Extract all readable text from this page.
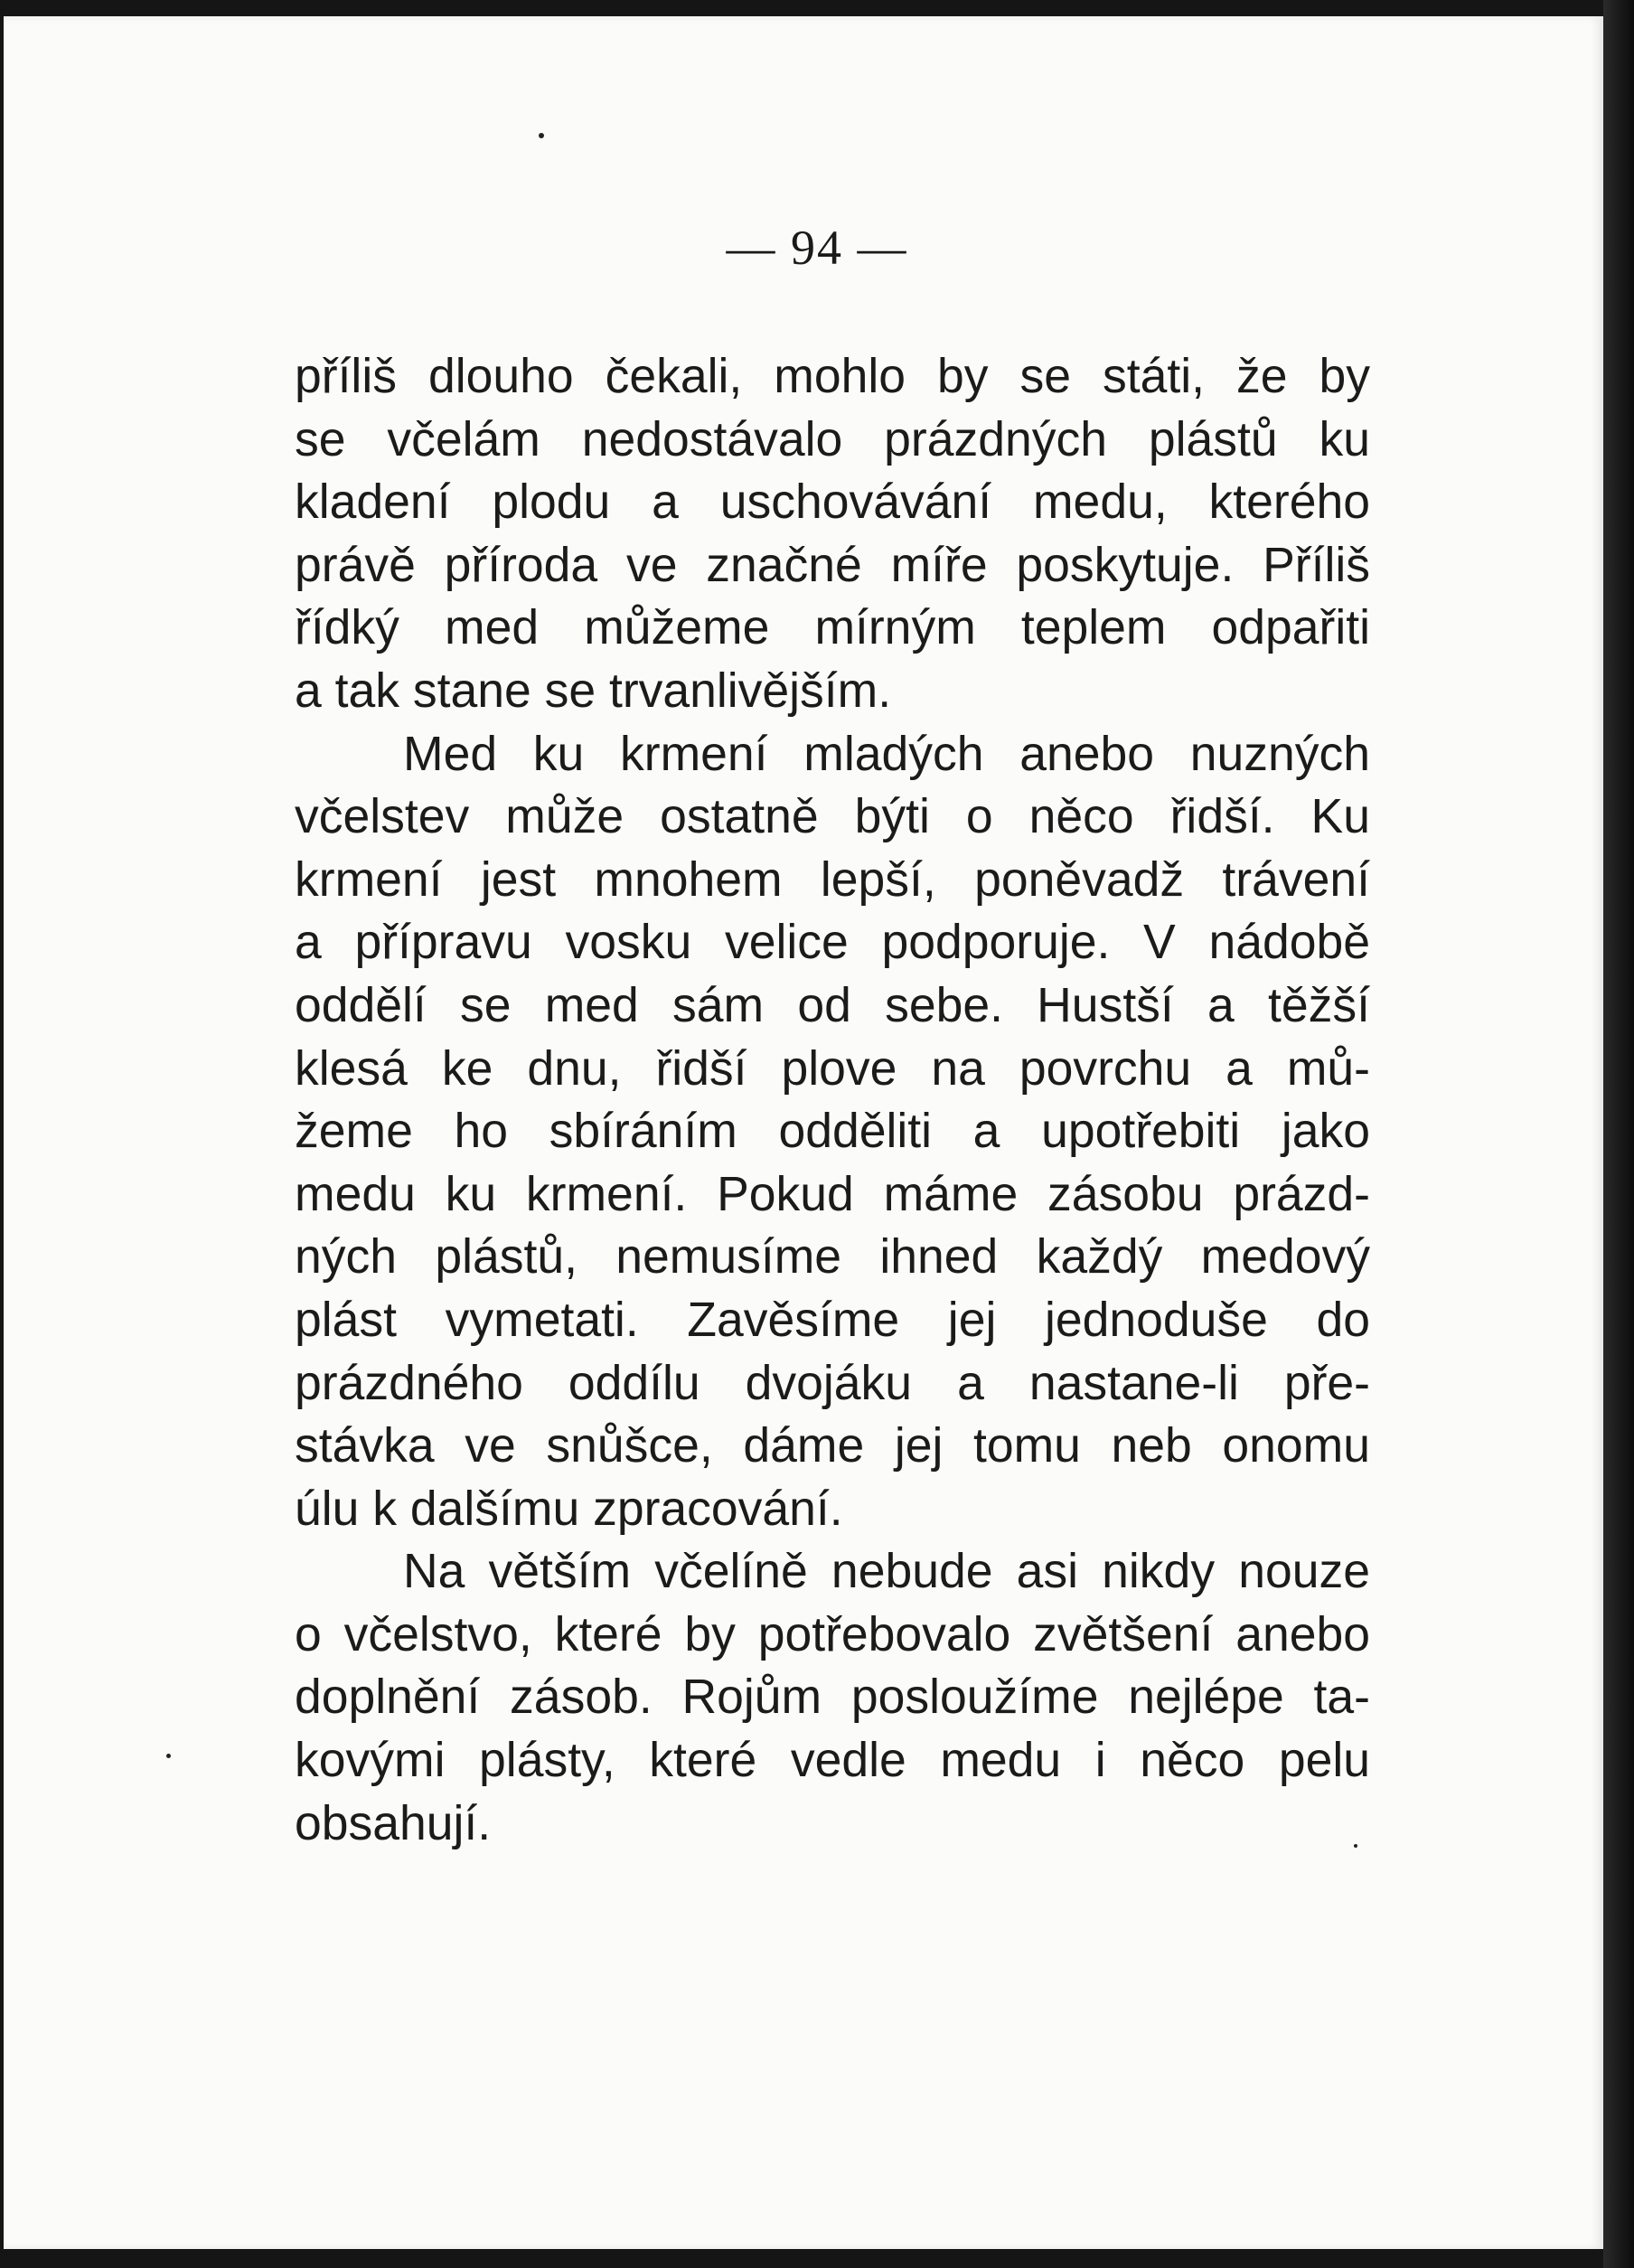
— 94 —
příliš dlouho čekali, mohlo by se státi, že by
se včelám nedostávalo prázdných plástů ku
kladení plodu a uschovávání medu, kterého
právě příroda ve značné míře poskytuje. Příliš
řídký med můžeme mírným teplem odpařiti
a tak stane se trvanlivějším.
Med ku krmení mladých anebo nuzných
včelstev může ostatně býti o něco řidší. Ku
krmení jest mnohem lepší, poněvadž trávení
a přípravu vosku velice podporuje. V nádobě
oddělí se med sám od sebe. Hustší a těžší
klesá ke dnu, řidší plove na povrchu a mů-
žeme ho sbíráním odděliti a upotřebiti jako
medu ku krmení. Pokud máme zásobu prázd-
ných plástů, nemusíme ihned každý medový
plást vymetati. Zavěsíme jej jednoduše do
prázdného oddílu dvojáku a nastane-li pře-
stávka ve snůšce, dáme jej tomu neb onomu
úlu k dalšímu zpracování.
Na větším včelíně nebude asi nikdy nouze
o včelstvo, které by potřebovalo zvětšení anebo
doplnění zásob. Rojům posloužíme nejlépe ta-
kovými plásty, které vedle medu i něco pelu
obsahují.
